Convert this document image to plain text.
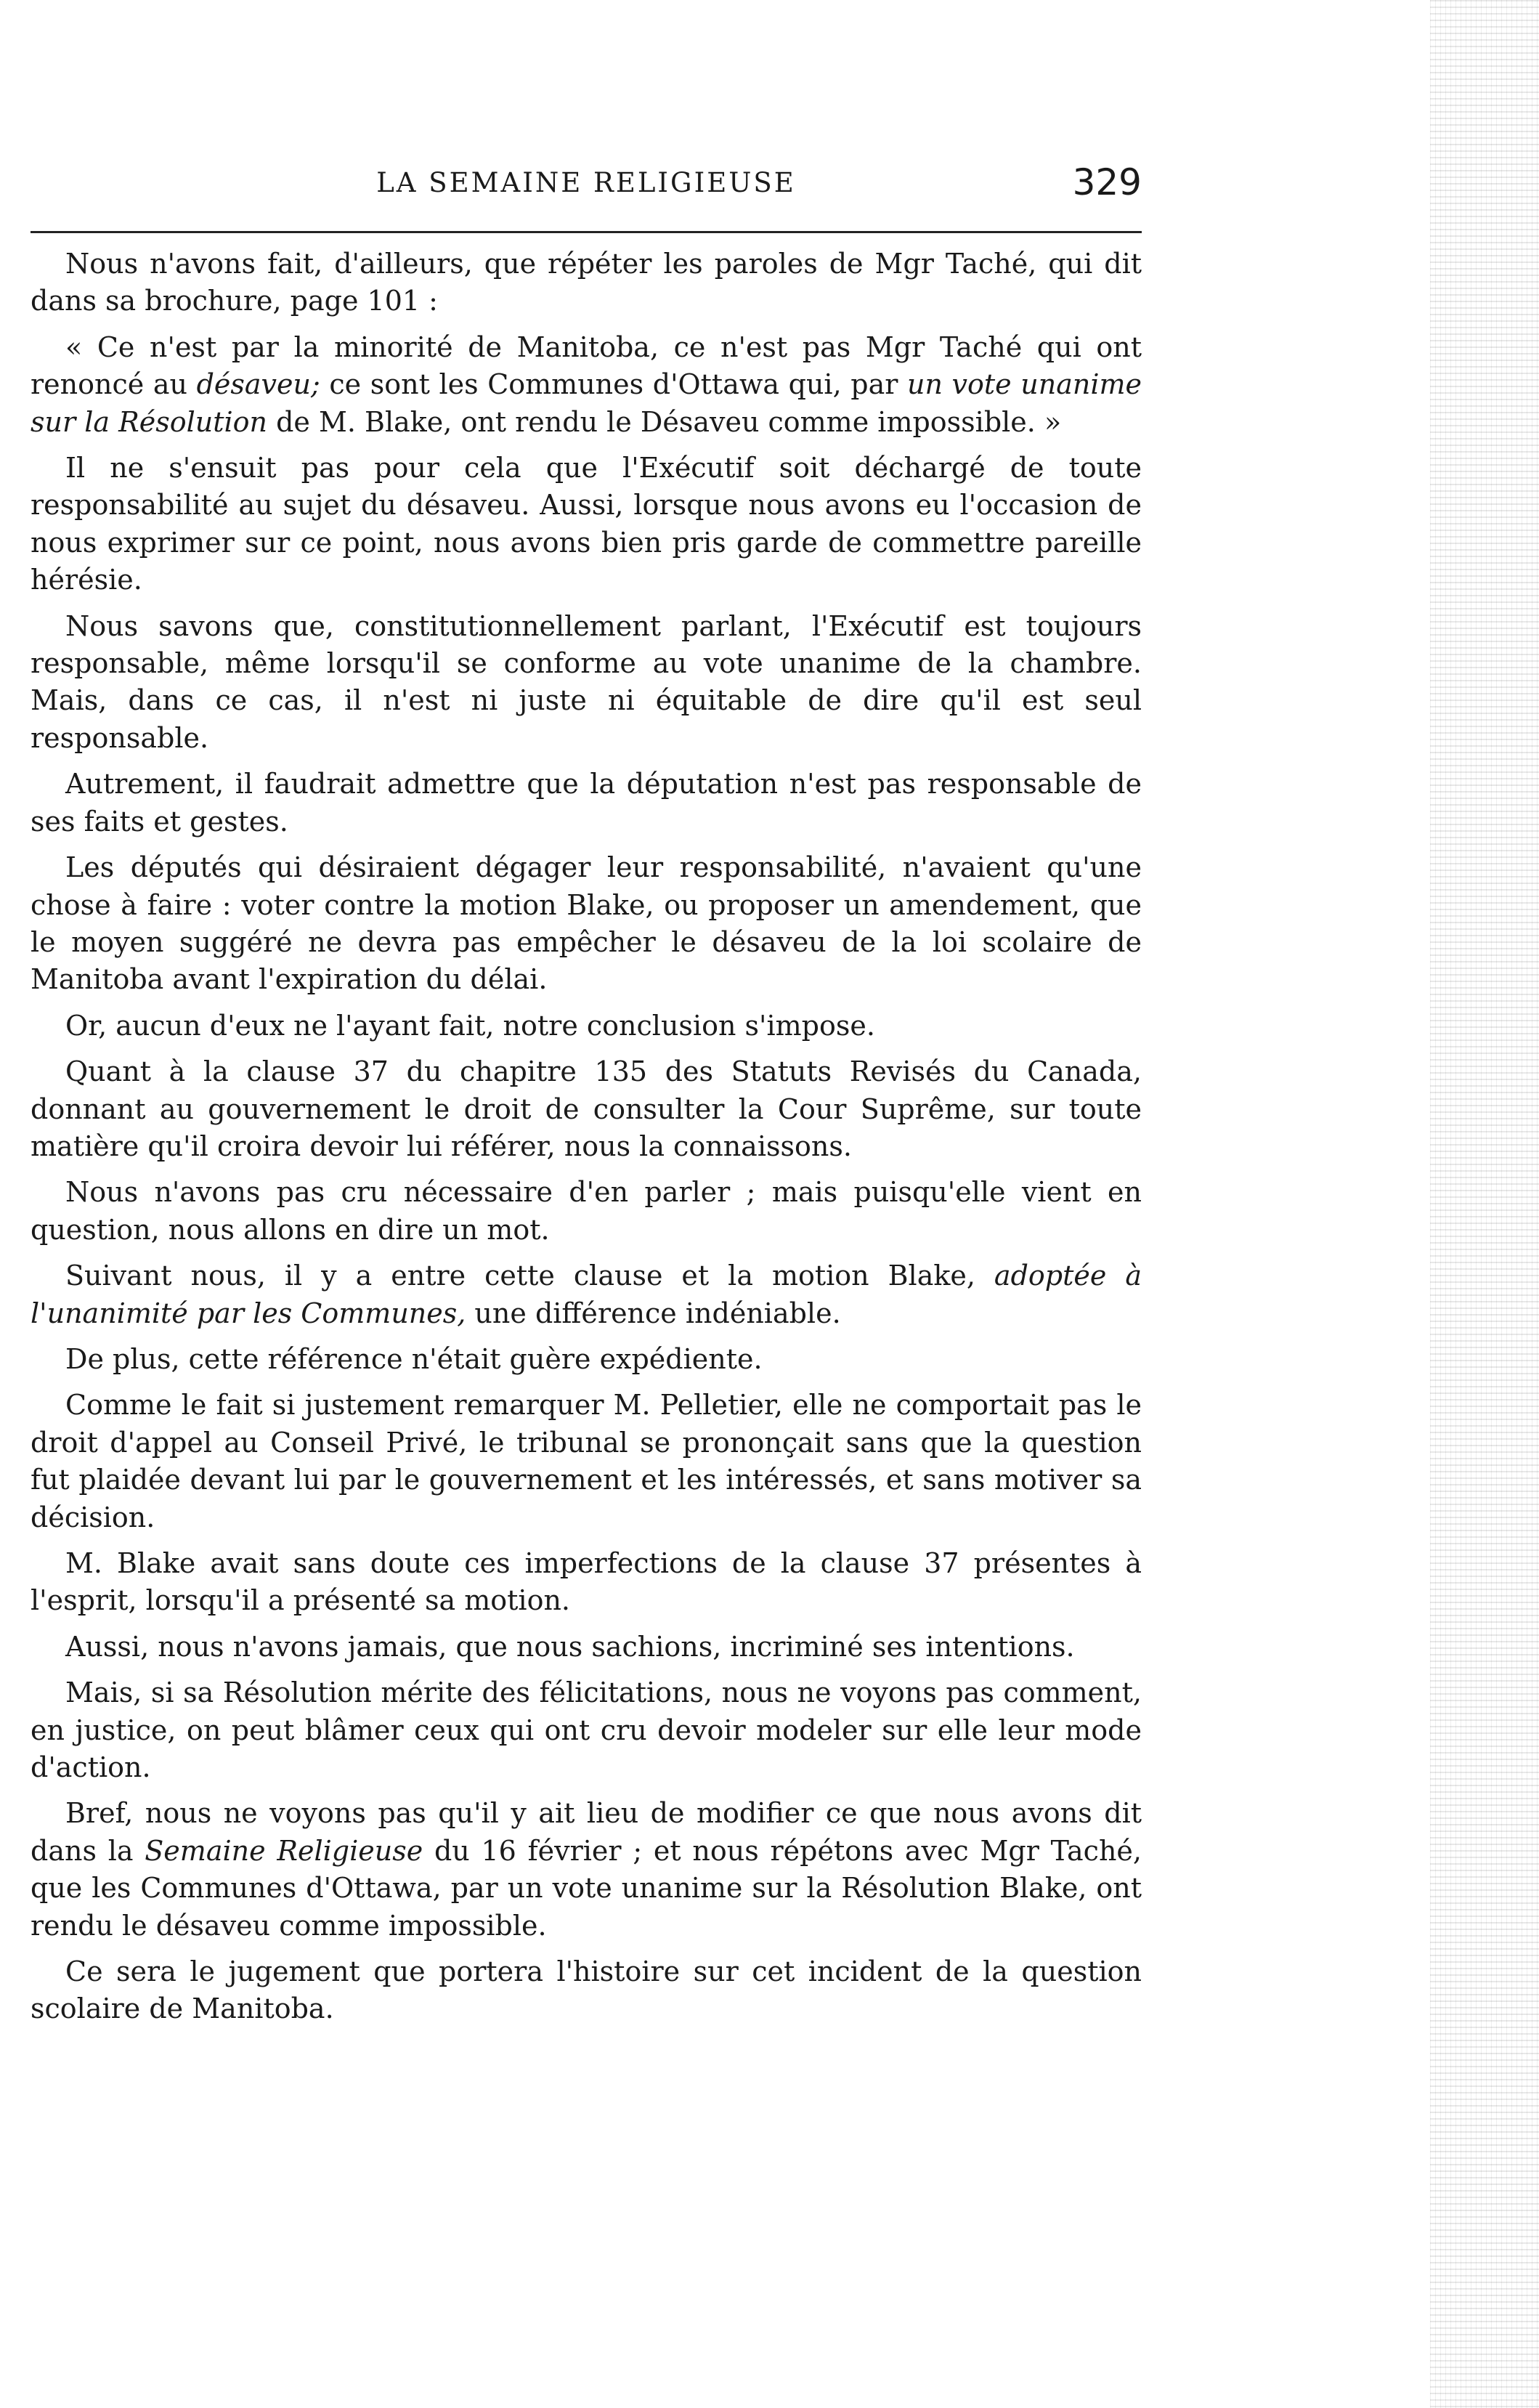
LA SEMAINE RELIGIEUSE	329

Nous n'avons fait, d'ailleurs, que répéter les paroles de Mgr Taché, qui dit dans sa brochure, page 101 :

« Ce n'est par la minorité de Manitoba, ce n'est pas Mgr Taché qui ont renoncé au désaveu; ce sont les Communes d'Ottawa qui, par un vote unanime sur la Résolution de M. Blake, ont rendu le Désaveu comme impossible. »

Il ne s'ensuit pas pour cela que l'Exécutif soit déchargé de toute responsabilité au sujet du désaveu. Aussi, lorsque nous avons eu l'occasion de nous exprimer sur ce point, nous avons bien pris garde de commettre pareille hérésie.

Nous savons que, constitutionnellement parlant, l'Exécutif est toujours responsable, même lorsqu'il se conforme au vote unanime de la chambre. Mais, dans ce cas, il n'est ni juste ni équitable de dire qu'il est seul responsable.

Autrement, il faudrait admettre que la députation n'est pas responsable de ses faits et gestes.

Les députés qui désiraient dégager leur responsabilité, n'avaient qu'une chose à faire : voter contre la motion Blake, ou proposer un amendement, que le moyen suggéré ne devra pas empêcher le désaveu de la loi scolaire de Manitoba avant l'expiration du délai.

Or, aucun d'eux ne l'ayant fait, notre conclusion s'impose.

Quant à la clause 37 du chapitre 135 des Statuts Revisés du Canada, donnant au gouvernement le droit de consulter la Cour Suprême, sur toute matière qu'il croira devoir lui référer, nous la connaissons.

Nous n'avons pas cru nécessaire d'en parler ; mais puisqu'elle vient en question, nous allons en dire un mot.

Suivant nous, il y a entre cette clause et la motion Blake, adoptée à l'unanimité par les Communes, une différence indéniable.

De plus, cette référence n'était guère expédiente.

Comme le fait si justement remarquer M. Pelletier, elle ne comportait pas le droit d'appel au Conseil Privé, le tribunal se prononçait sans que la question fut plaidée devant lui par le gouvernement et les intéressés, et sans motiver sa décision.

M. Blake avait sans doute ces imperfections de la clause 37 présentes à l'esprit, lorsqu'il a présenté sa motion.

Aussi, nous n'avons jamais, que nous sachions, incriminé ses intentions.

Mais, si sa Résolution mérite des félicitations, nous ne voyons pas comment, en justice, on peut blâmer ceux qui ont cru devoir modeler sur elle leur mode d'action.

Bref, nous ne voyons pas qu'il y ait lieu de modifier ce que nous avons dit dans la Semaine Religieuse du 16 février ; et nous répétons avec Mgr Taché, que les Communes d'Ottawa, par un vote unanime sur la Résolution Blake, ont rendu le désaveu comme impossible.

Ce sera le jugement que portera l'histoire sur cet incident de la question scolaire de Manitoba.
